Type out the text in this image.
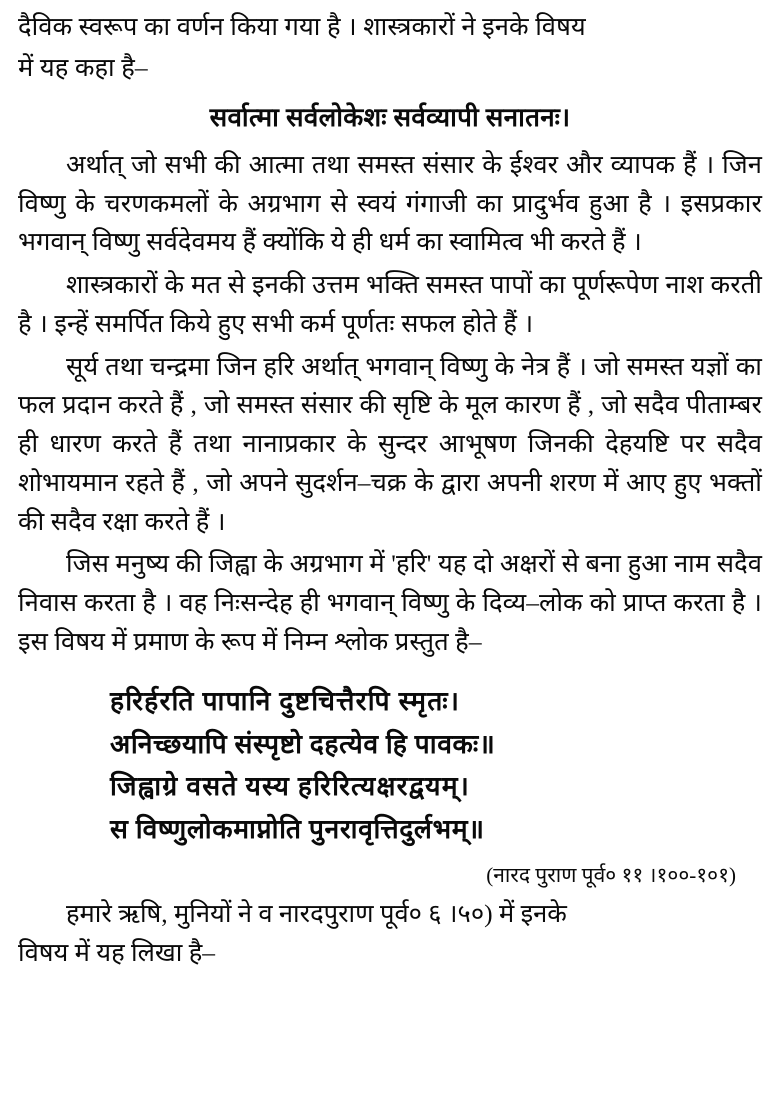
दैविक स्वरूप का वर्णन किया गया है । शास्त्रकारों ने इनके विषय
में यह कहा है–
सर्वात्मा सर्वलोकेशः सर्वव्यापी सनातनः।

अर्थात् जो सभी की आत्मा तथा समस्त संसार के ईश्वर और व्यापक हैं । जिन विष्णु के चरणकमलों के अग्रभाग से स्वयं गंगाजी का प्रादुर्भव हुआ है । इसप्रकार भगवान् विष्णु सर्वदेवमय हैं क्योंकि ये ही धर्म का स्वामित्व भी करते हैं ।

शास्त्रकारों के मत से इनकी उत्तम भक्ति समस्त पापों का पूर्णरूपेण नाश करती है । इन्हें समर्पित किये हुए सभी कर्म पूर्णतः सफल होते हैं ।

सूर्य तथा चन्द्रमा जिन हरि अर्थात् भगवान् विष्णु के नेत्र हैं । जो समस्त यज्ञों का फल प्रदान करते हैं , जो समस्त संसार की सृष्टि के मूल कारण हैं , जो सदैव पीताम्बर ही धारण करते हैं तथा नानाप्रकार के सुन्दर आभूषण जिनकी देहयष्टि पर सदैव शोभायमान रहते हैं , जो अपने सुदर्शन–चक्र के द्वारा अपनी शरण में आए हुए भक्तों की सदैव रक्षा करते हैं ।

जिस मनुष्य की जिह्वा के अग्रभाग में 'हरि' यह दो अक्षरों से बना हुआ नाम सदैव निवास करता है । वह निःसन्देह ही भगवान् विष्णु के दिव्य–लोक को प्राप्त करता है । इस विषय में प्रमाण के रूप में निम्न श्लोक प्रस्तुत है–

हरिर्हरति पापानि दुष्टचित्तैरपि स्मृतः।
अनिच्छयापि संस्पृष्टो दहत्येव हि पावकः॥
जिह्वाग्रे वसते यस्य हरिरित्यक्षरद्वयम्।
स विष्णुलोकमाप्नोति पुनरावृत्तिदुर्लभम्॥
(नारद पुराण पूर्व० ११ ।१००-१०१)
हमारे ऋषि, मुनियों ने व नारदपुराण पूर्व० ६ ।५०) में इनके
विषय में यह लिखा है–
